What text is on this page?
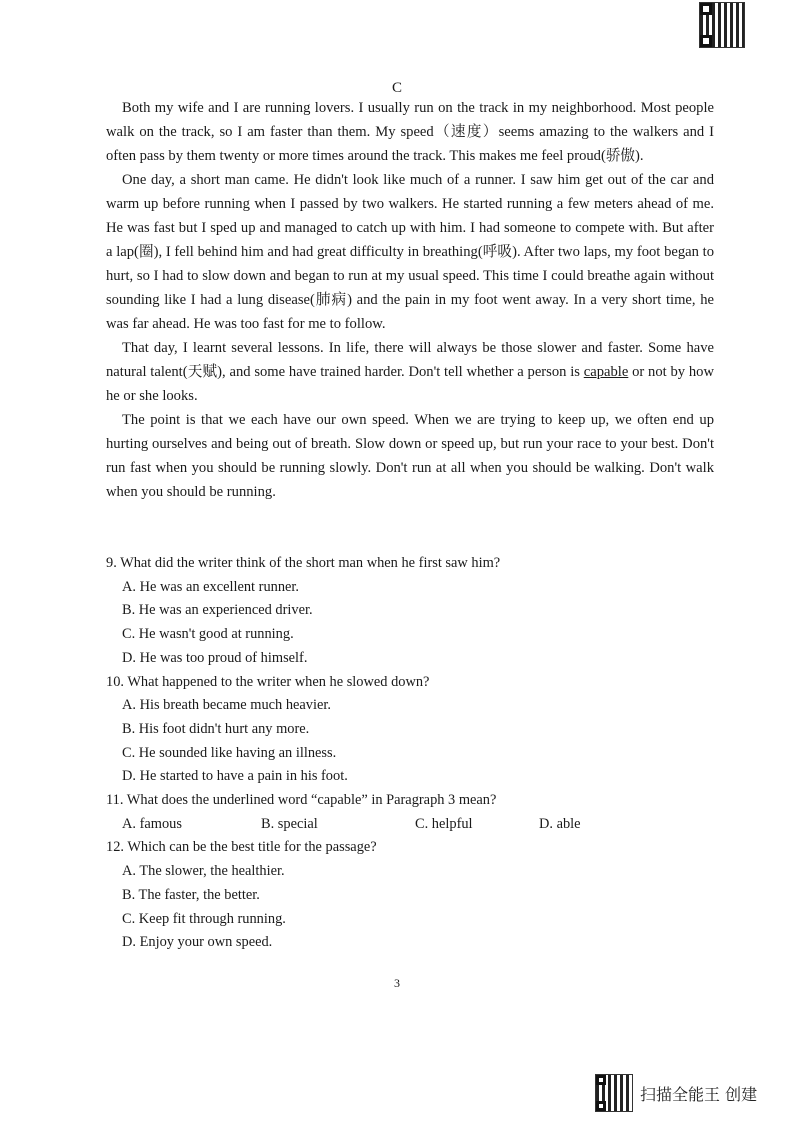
C

Both my wife and I are running lovers. I usually run on the track in my neighborhood. Most people walk on the track, so I am faster than them. My speed（速度）seems amazing to the walkers and I often pass by them twenty or more times around the track. This makes me feel proud(骄傲).

One day, a short man came. He didn't look like much of a runner. I saw him get out of the car and warm up before running when I passed by two walkers. He started running a few meters ahead of me. He was fast but I sped up and managed to catch up with him. I had someone to compete with. But after a lap(圈), I fell behind him and had great difficulty in breathing(呼吸). After two laps, my foot began to hurt, so I had to slow down and began to run at my usual speed. This time I could breathe again without sounding like I had a lung disease(肺病) and the pain in my foot went away. In a very short time, he was far ahead. He was too fast for me to follow.

That day, I learnt several lessons. In life, there will always be those slower and faster. Some have natural talent(天赋), and some have trained harder. Don't tell whether a person is capable or not by how he or she looks.

The point is that we each have our own speed. When we are trying to keep up, we often end up hurting ourselves and being out of breath. Slow down or speed up, but run your race to your best. Don't run fast when you should be running slowly. Don't run at all when you should be walking. Don't walk when you should be running.

9. What did the writer think of the short man when he first saw him?

A. He was an excellent runner.

B. He was an experienced driver.

C. He wasn't good at running.

D. He was too proud of himself.

10. What happened to the writer when he slowed down?

A. His breath became much heavier.

B. His foot didn't hurt any more.

C. He sounded like having an illness.

D. He started to have a pain in his foot.

11. What does the underlined word “capable” in Paragraph 3 mean?

A. famous	B. special	C. helpful	D. able

12. Which can be the best title for the passage?

A. The slower, the healthier.

B. The faster, the better.

C. Keep fit through running.

D. Enjoy your own speed.

3
扫描全能王 创建
